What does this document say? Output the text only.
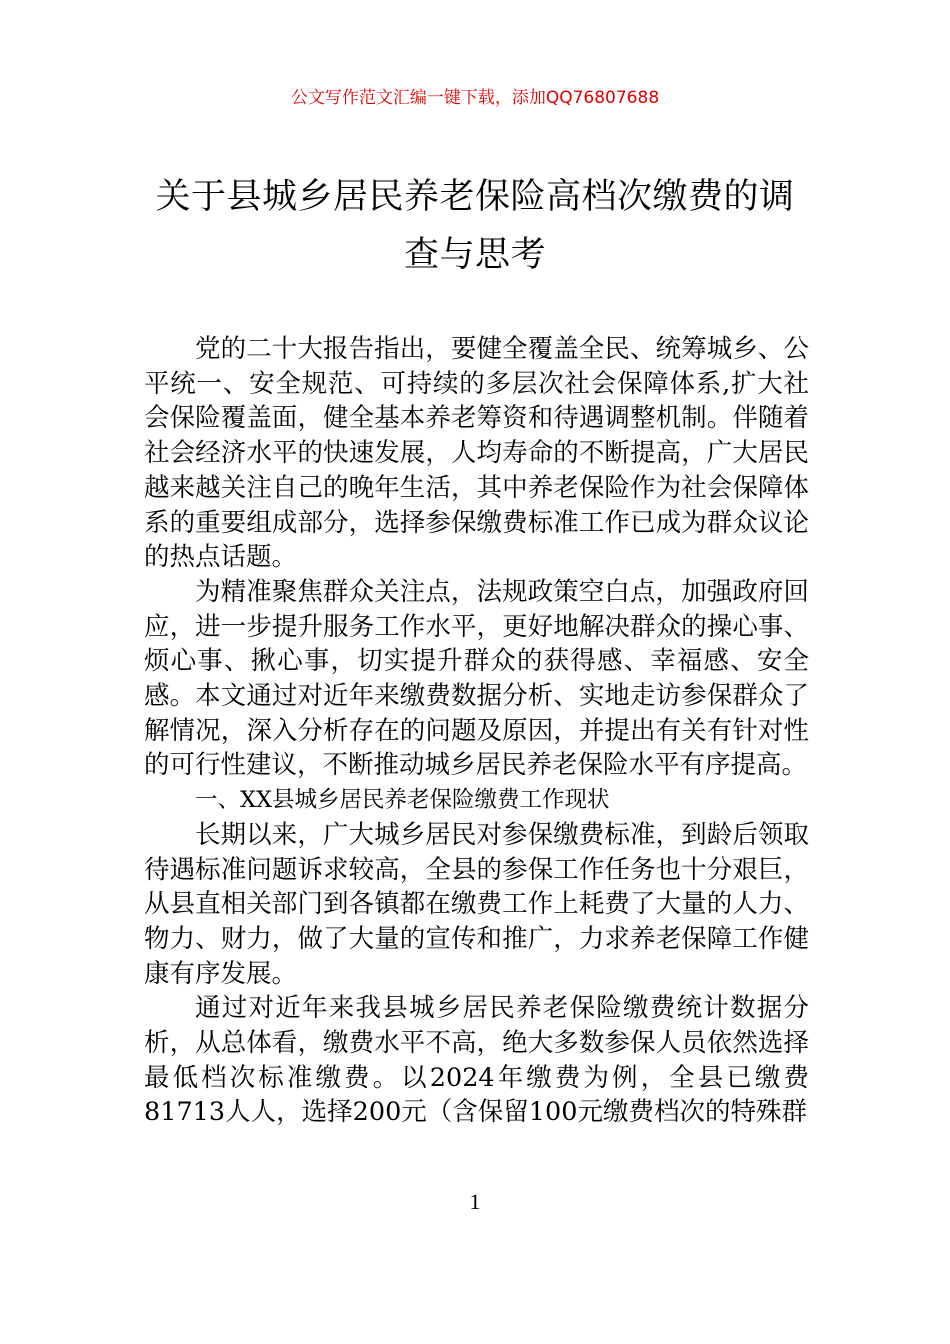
公文写作范文汇编一键下载，添加QQ76807688
关于县城乡居民养老保险高档次缴费的调
查与思考

党的二十大报告指出，要健全覆盖全民、统筹城乡、公平统一、安全规范、可持续的多层次社会保障体系,扩大社会保险覆盖面，健全基本养老筹资和待遇调整机制。伴随着社会经济水平的快速发展，人均寿命的不断提高，广大居民越来越关注自己的晚年生活，其中养老保险作为社会保障体系的重要组成部分，选择参保缴费标准工作已成为群众议论的热点话题。

为精准聚焦群众关注点，法规政策空白点，加强政府回应，进一步提升服务工作水平，更好地解决群众的操心事、烦心事、揪心事，切实提升群众的获得感、幸福感、安全感。本文通过对近年来缴费数据分析、实地走访参保群众了解情况，深入分析存在的问题及原因，并提出有关有针对性的可行性建议，不断推动城乡居民养老保险水平有序提高。

一、XX县城乡居民养老保险缴费工作现状

长期以来，广大城乡居民对参保缴费标准，到龄后领取待遇标准问题诉求较高，全县的参保工作任务也十分艰巨，从县直相关部门到各镇都在缴费工作上耗费了大量的人力、物力、财力，做了大量的宣传和推广，力求养老保障工作健康有序发展。

通过对近年来我县城乡居民养老保险缴费统计数据分析，从总体看，缴费水平不高，绝大多数参保人员依然选择最低档次标准缴费。以2024年缴费为例，全县已缴费81713人人，选择200元（含保留100元缴费档次的特殊群

1
